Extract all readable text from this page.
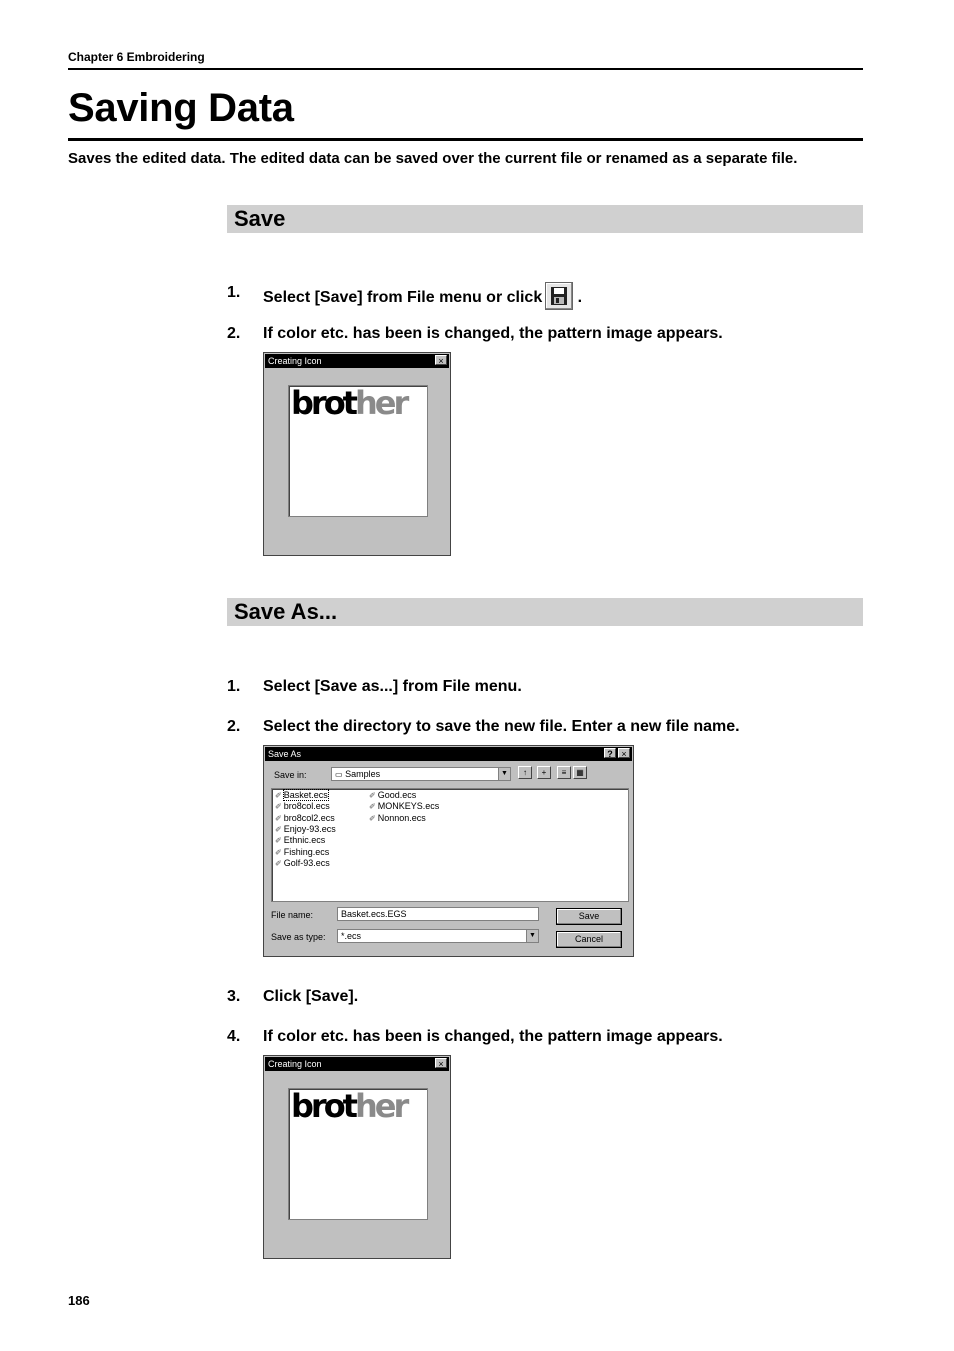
Chapter 6 Embroidering
Saving Data
Saves the edited data. The edited data can be saved over the current file or renamed as a separate file.
Save
1. Select [Save] from File menu or click .
2. If color etc. has been is changed, the pattern image appears.
Creating Icon	×
brother
Save As...
1. Select [Save as...] from File menu.
2. Select the directory to save the new file. Enter a new file name.
Save As	? ×
Save in:	▭ Samples	▼	↑	+	≡	▦
✐ Basket.ecs
✐ bro8col.ecs
✐ bro8col2.ecs
✐ Enjoy-93.ecs
✐ Ethnic.ecs
✐ Fishing.ecs
✐ Golf-93.ecs
✐ Good.ecs
✐ MONKEYS.ecs
✐ Nonnon.ecs
File name:	Basket.ecs.EGS
Save as type:	*.ecs	▼
Save
Cancel
3. Click [Save].
4. If color etc. has been is changed, the pattern image appears.
Creating Icon	×
brother
186
